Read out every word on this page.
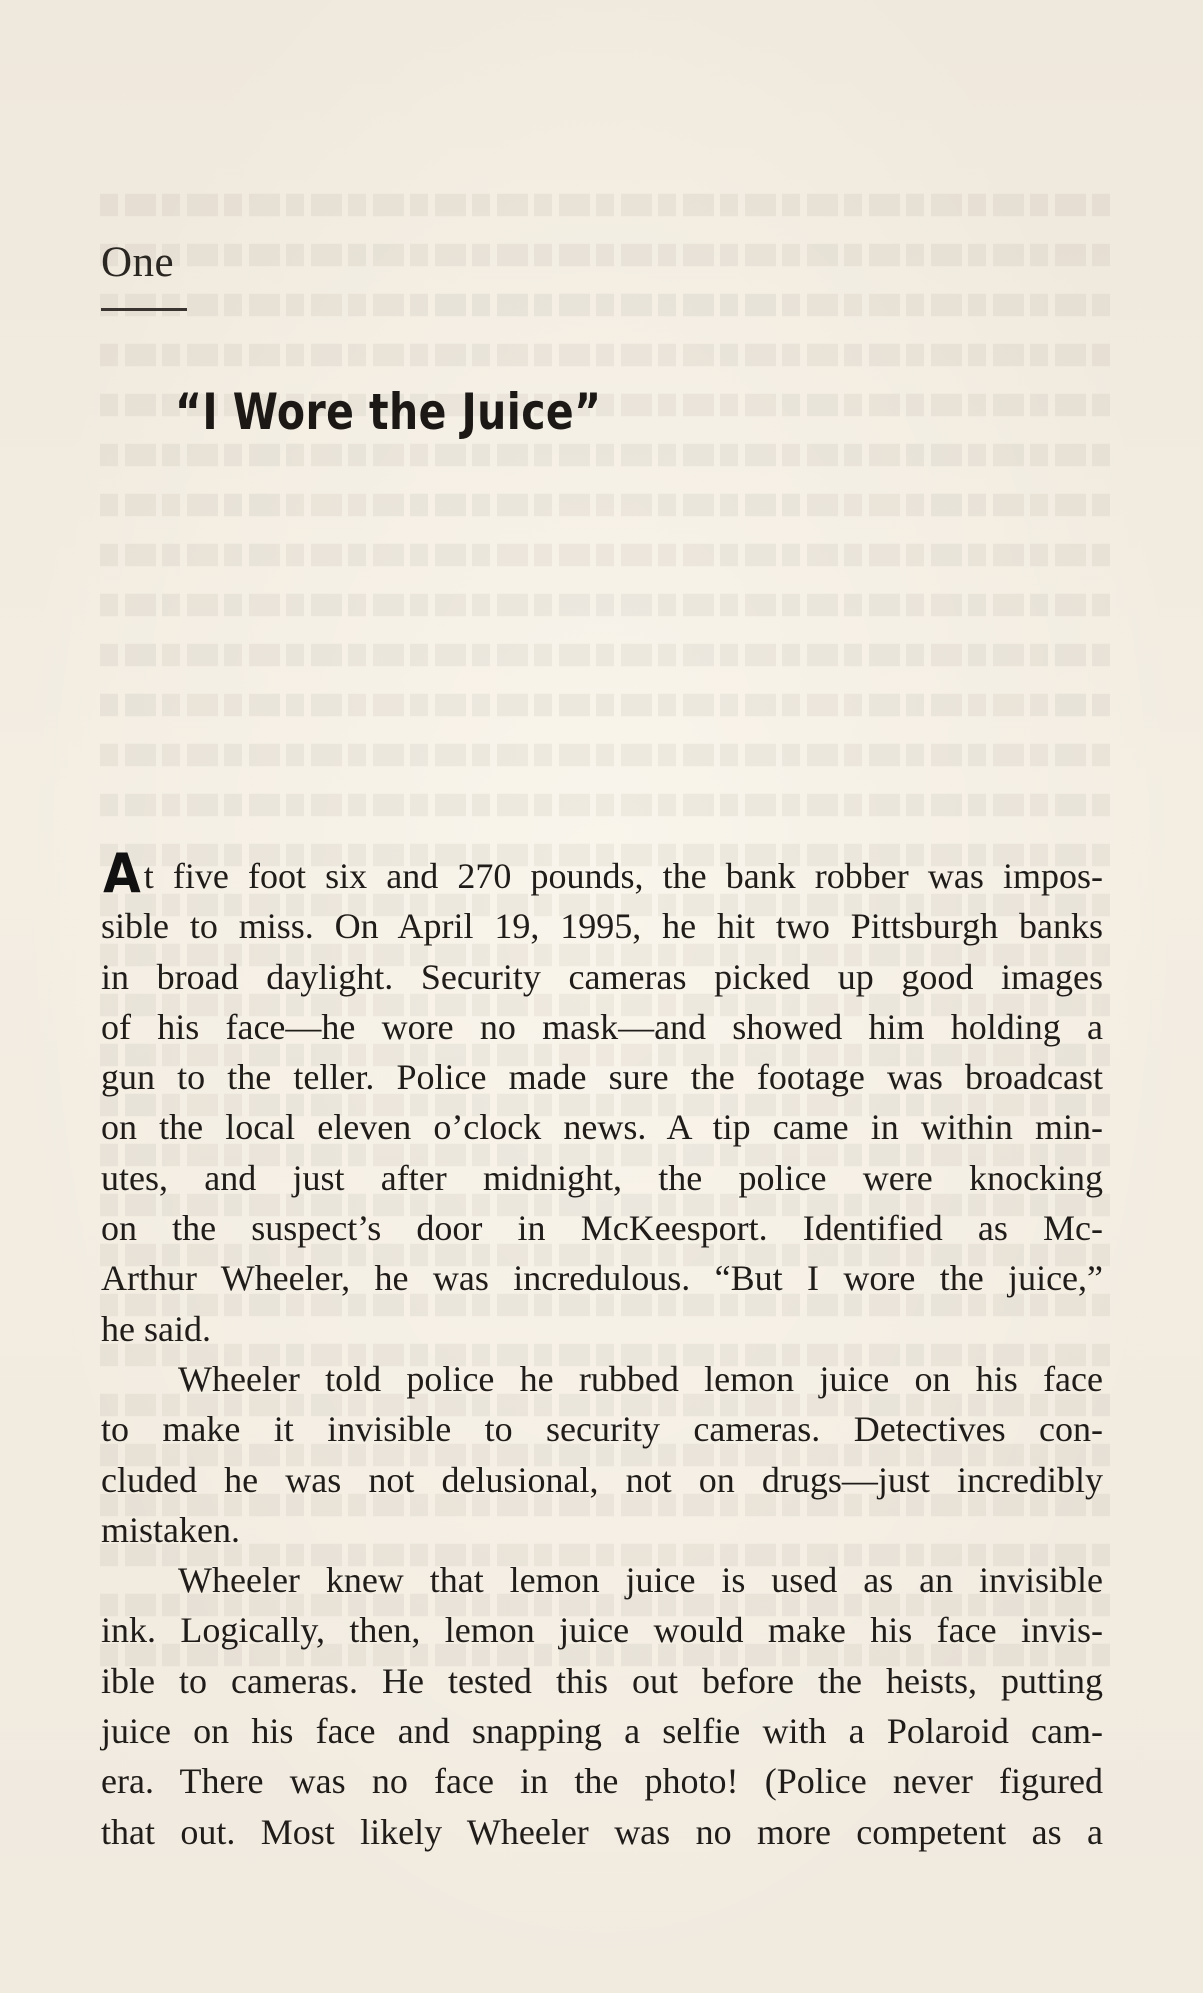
One
“I Wore the Juice”

At five foot six and 270 pounds, the bank robber was impos-
sible to miss. On April 19, 1995, he hit two Pittsburgh banks
in broad daylight. Security cameras picked up good images
of his face—he wore no mask—and showed him holding a
gun to the teller. Police made sure the footage was broadcast
on the local eleven o’clock news. A tip came in within min-
utes, and just after midnight, the police were knocking
on the suspect’s door in McKeesport. Identified as Mc-
Arthur Wheeler, he was incredulous. “But I wore the juice,”
he said.

Wheeler told police he rubbed lemon juice on his face
to make it invisible to security cameras. Detectives con-
cluded he was not delusional, not on drugs—just incredibly
mistaken.

Wheeler knew that lemon juice is used as an invisible
ink. Logically, then, lemon juice would make his face invis-
ible to cameras. He tested this out before the heists, putting
juice on his face and snapping a selfie with a Polaroid cam-
era. There was no face in the photo! (Police never figured
that out. Most likely Wheeler was no more competent as a
